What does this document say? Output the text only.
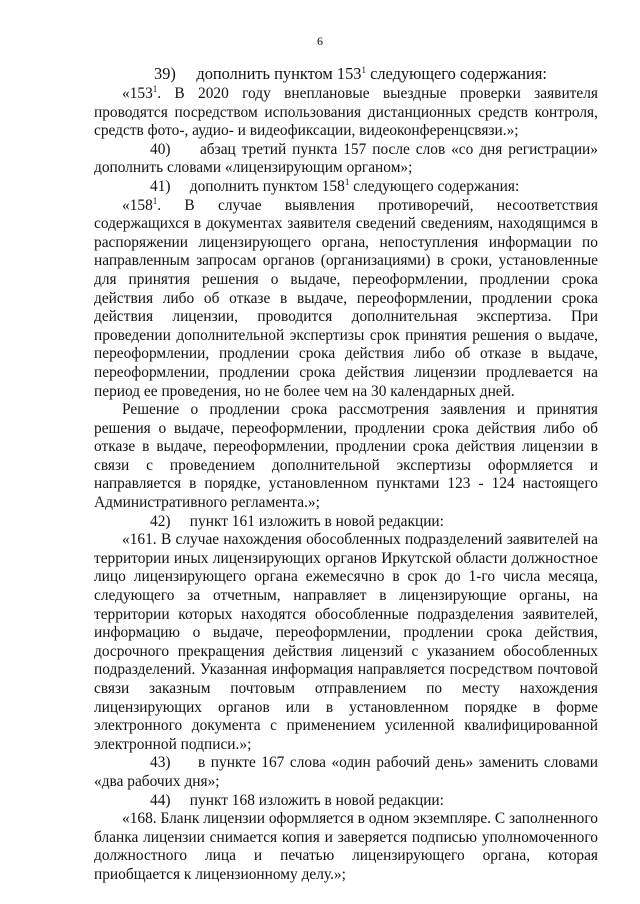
6

39) дополнить пунктом $153^1$ следующего содержания:

«$153^1$. В 2020 году внеплановые выездные проверки заявителя проводятся посредством использования дистанционных средств контроля, средств фото-, аудио- и видеофиксации, видеоконференцсвязи.»;

40) абзац третий пункта 157 после слов «со дня регистрации» дополнить словами «лицензирующим органом»;

41) дополнить пунктом $158^1$ следующего содержания:

«$158^1$. В случае выявления противоречий, несоответствия содержащихся в документах заявителя сведений сведениям, находящимся в распоряжении лицензирующего органа, непоступления информации по направленным запросам органов (организациями) в сроки, установленные для принятия решения о выдаче, переоформлении, продлении срока действия либо об отказе в выдаче, переоформлении, продлении срока действия лицензии, проводится дополнительная экспертиза. При проведении дополнительной экспертизы срок принятия решения о выдаче, переоформлении, продлении срока действия либо об отказе в выдаче, переоформлении, продлении срока действия лицензии продлевается на период ее проведения, но не более чем на 30 календарных дней.

Решение о продлении срока рассмотрения заявления и принятия решения о выдаче, переоформлении, продлении срока действия либо об отказе в выдаче, переоформлении, продлении срока действия лицензии в связи с проведением дополнительной экспертизы оформляется и направляется в порядке, установленном пунктами 123 - 124 настоящего Административного регламента.»;

42) пункт 161 изложить в новой редакции:

«161. В случае нахождения обособленных подразделений заявителей на территории иных лицензирующих органов Иркутской области должностное лицо лицензирующего органа ежемесячно в срок до 1-го числа месяца, следующего за отчетным, направляет в лицензирующие органы, на территории которых находятся обособленные подразделения заявителей, информацию о выдаче, переоформлении, продлении срока действия, досрочного прекращения действия лицензий с указанием обособленных подразделений. Указанная информация направляется посредством почтовой связи заказным почтовым отправлением по месту нахождения лицензирующих органов или в установленном порядке в форме электронного документа с применением усиленной квалифицированной электронной подписи.»;

43) в пункте 167 слова «один рабочий день» заменить словами «два рабочих дня»;

44) пункт 168 изложить в новой редакции:

«168. Бланк лицензии оформляется в одном экземпляре. С заполненного бланка лицензии снимается копия и заверяется подписью уполномоченного должностного лица и печатью лицензирующего органа, которая приобщается к лицензионному делу.»;
